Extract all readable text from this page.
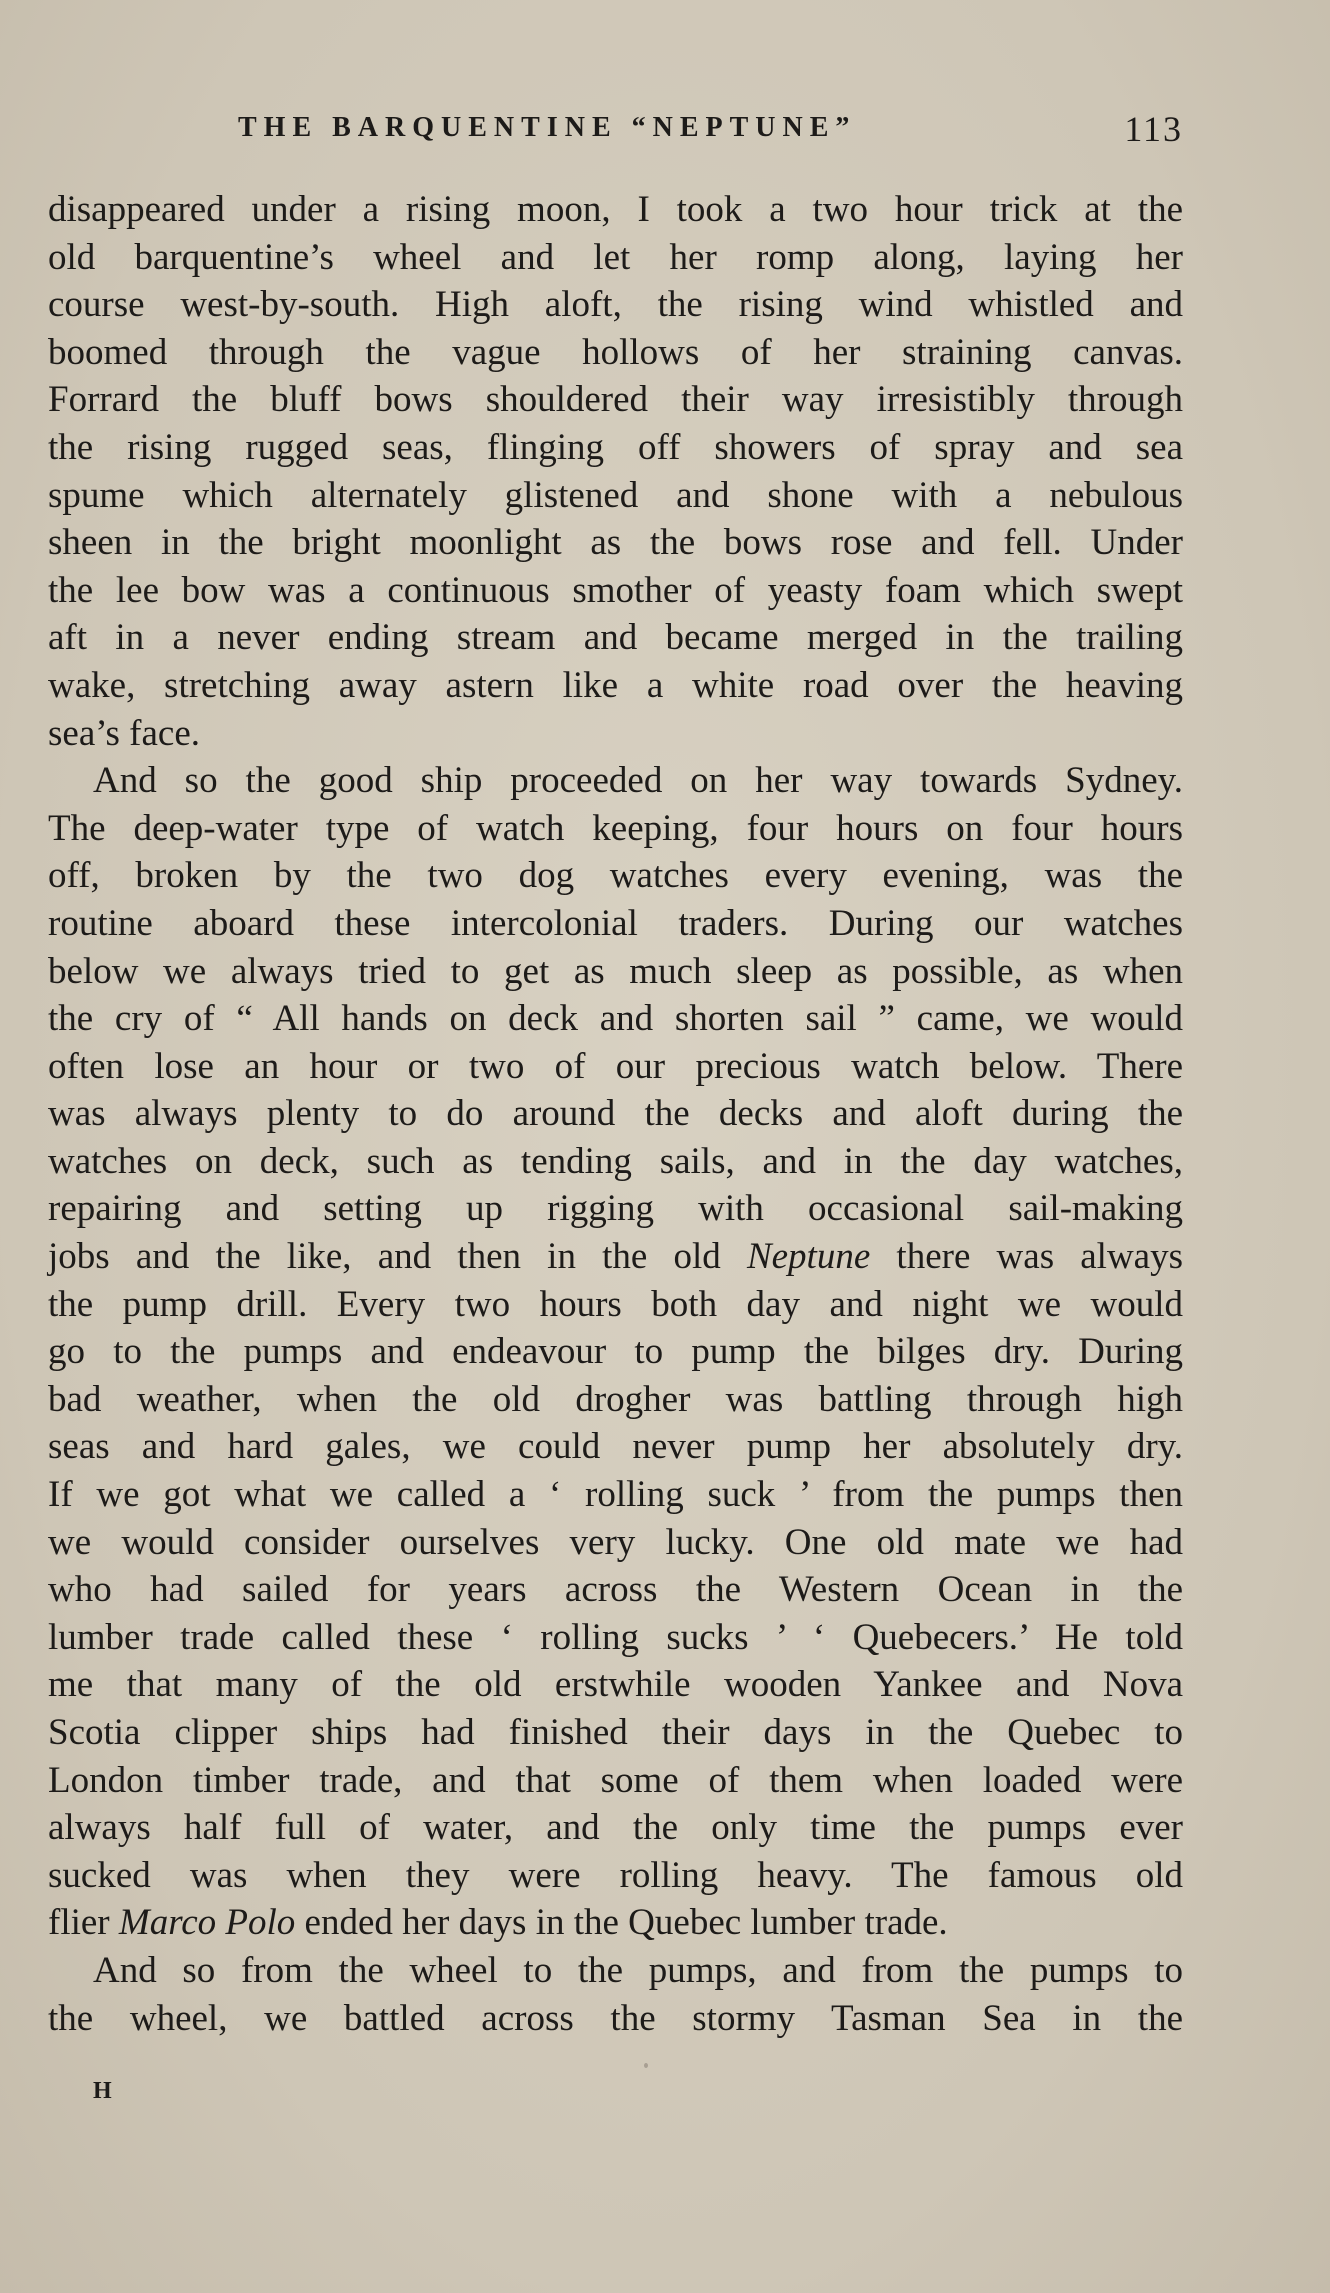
THE BARQUENTINE “NEPTUNE”	113
disappeared under a rising moon, I took a two hour trick at the
old barquentine’s wheel and let her romp along, laying her
course west-by-south. High aloft, the rising wind whistled and
boomed through the vague hollows of her straining canvas.
Forrard the bluff bows shouldered their way irresistibly through
the rising rugged seas, flinging off showers of spray and sea
spume which alternately glistened and shone with a nebulous
sheen in the bright moonlight as the bows rose and fell. Under
the lee bow was a continuous smother of yeasty foam which swept
aft in a never ending stream and became merged in the trailing
wake, stretching away astern like a white road over the heaving
sea’s face.
And so the good ship proceeded on her way towards Sydney.
The deep-water type of watch keeping, four hours on four hours
off, broken by the two dog watches every evening, was the
routine aboard these intercolonial traders. During our watches
below we always tried to get as much sleep as possible, as when
the cry of “ All hands on deck and shorten sail ” came, we would
often lose an hour or two of our precious watch below. There
was always plenty to do around the decks and aloft during the
watches on deck, such as tending sails, and in the day watches,
repairing and setting up rigging with occasional sail-making
jobs and the like, and then in the old Neptune there was always
the pump drill. Every two hours both day and night we would
go to the pumps and endeavour to pump the bilges dry. During
bad weather, when the old drogher was battling through high
seas and hard gales, we could never pump her absolutely dry.
If we got what we called a ‘ rolling suck ’ from the pumps then
we would consider ourselves very lucky. One old mate we had
who had sailed for years across the Western Ocean in the
lumber trade called these ‘ rolling sucks ’ ‘ Quebecers.’ He told
me that many of the old erstwhile wooden Yankee and Nova
Scotia clipper ships had finished their days in the Quebec to
London timber trade, and that some of them when loaded were
always half full of water, and the only time the pumps ever
sucked was when they were rolling heavy. The famous old
flier Marco Polo ended her days in the Quebec lumber trade.
And so from the wheel to the pumps, and from the pumps to
the wheel, we battled across the stormy Tasman Sea in the
H
